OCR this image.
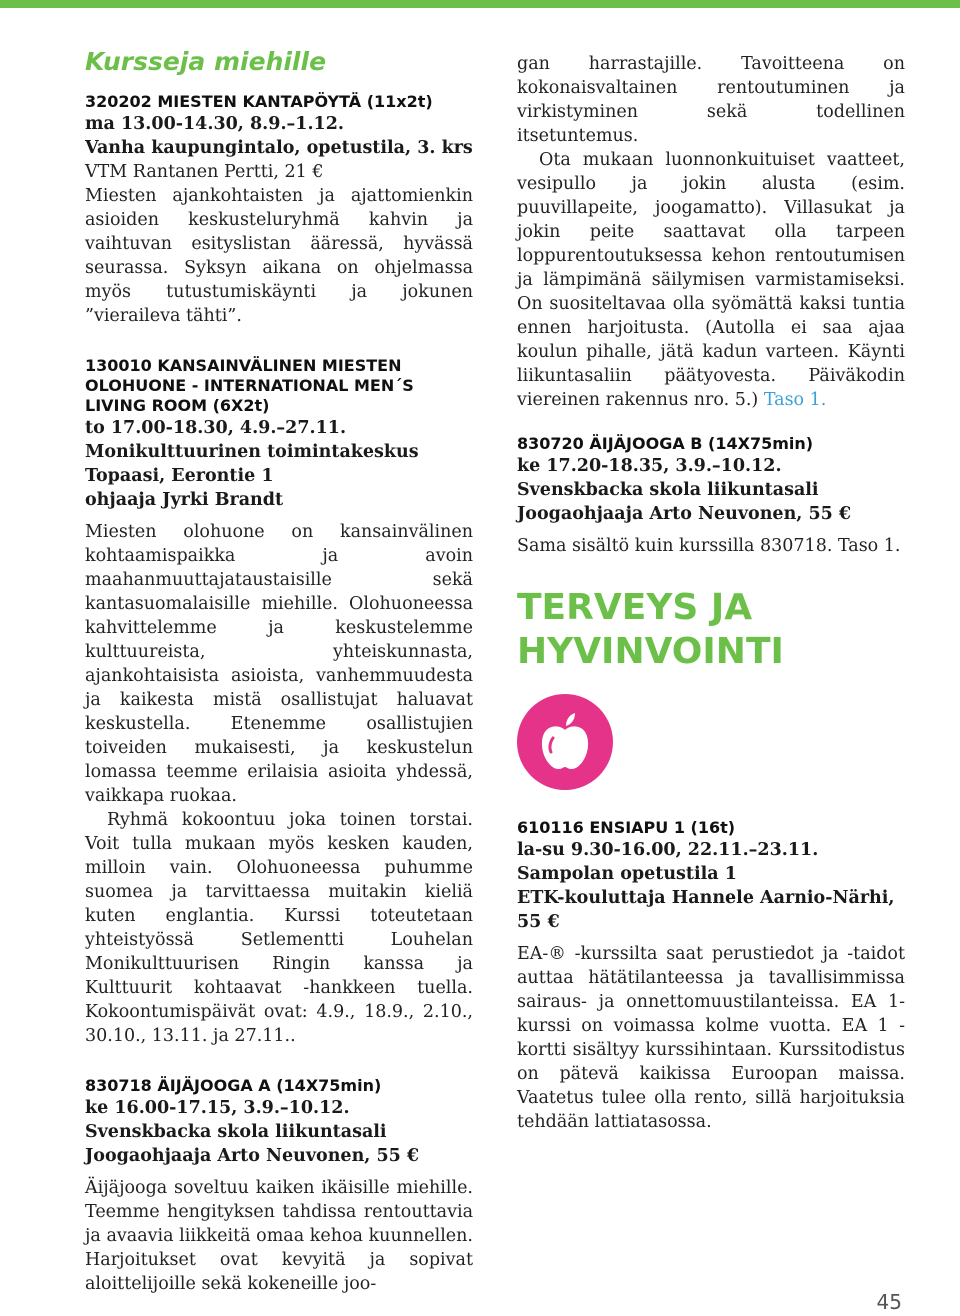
Kursseja miehille

320202 MIESTEN KANTAPÖYTÄ (11x2t)

ma 13.00-14.30, 8.9.–1.12.

Vanha kaupungintalo, opetustila, 3. krs

VTM Rantanen Pertti, 21 €

Miesten ajankohtaisten ja ajattomienkin asioiden keskusteluryhmä kahvin ja vaihtuvan esityslistan ääressä, hyvässä seurassa. Syksyn aikana on ohjelmassa myös tutustumiskäynti ja jokunen ”vieraileva tähti”.

130010 KANSAINVÄLINEN MIESTEN

OLOHUONE - INTERNATIONAL MEN´S

LIVING ROOM (6X2t)

to 17.00-18.30, 4.9.–27.11.

Monikulttuurinen toimintakeskus

Topaasi, Eerontie 1

ohjaaja Jyrki Brandt

Miesten olohuone on kansainvälinen kohtaamispaikka ja avoin maahanmuuttajataustaisille sekä kantasuomalaisille miehille. Olohuoneessa kahvittelemme ja keskustelemme kulttuureista, yhteiskunnasta, ajankohtaisista asioista, vanhemmuudesta ja kaikesta mistä osallistujat haluavat keskustella. Etenemme osallistujien toiveiden mukaisesti, ja keskustelun lomassa teemme erilaisia asioita yhdessä, vaikkapa ruokaa.

Ryhmä kokoontuu joka toinen torstai. Voit tulla mukaan myös kesken kauden, milloin vain. Olohuoneessa puhumme suomea ja tarvittaessa muitakin kieliä kuten englantia. Kurssi toteutetaan yhteistyössä Setlementti Louhelan Monikulttuurisen Ringin kanssa ja Kulttuurit kohtaavat -hankkeen tuella. Kokoontumispäivät ovat: 4.9., 18.9., 2.10., 30.10., 13.11. ja 27.11..

830718 ÄIJÄJOOGA A (14X75min)

ke 16.00-17.15, 3.9.–10.12.

Svenskbacka skola liikuntasali

Joogaohjaaja Arto Neuvonen, 55 €

Äijäjooga soveltuu kaiken ikäisille miehille. Teemme hengityksen tahdissa rentouttavia ja avaavia liikkeitä omaa kehoa kuunnellen. Harjoitukset ovat kevyitä ja sopivat aloittelijoille sekä kokeneille joo-

gan harrastajille. Tavoitteena on kokonaisvaltainen rentoutuminen ja virkistyminen sekä todellinen itsetuntemus.

Ota mukaan luonnonkuituiset vaatteet, vesipullo ja jokin alusta (esim. puuvillapeite, joogamatto). Villasukat ja jokin peite saattavat olla tarpeen loppurentoutuksessa kehon rentoutumisen ja lämpimänä säilymisen varmistamiseksi. On suositeltavaa olla syömättä kaksi tuntia ennen harjoitusta. (Autolla ei saa ajaa koulun pihalle, jätä kadun varteen. Käynti liikuntasaliin päätyovesta. Päiväkodin viereinen rakennus nro. 5.) Taso 1.

830720 ÄIJÄJOOGA B (14X75min)

ke 17.20-18.35, 3.9.–10.12.

Svenskbacka skola liikuntasali

Joogaohjaaja Arto Neuvonen, 55 €

Sama sisältö kuin kurssilla 830718. Taso 1.

TERVEYS JA
HYVINVOINTI

610116 ENSIAPU 1 (16t)

la-su 9.30-16.00, 22.11.–23.11.

Sampolan opetustila 1

ETK-kouluttaja Hannele Aarnio-Närhi,

55 €

EA-® -kurssilta saat perustiedot ja -taidot auttaa hätätilanteessa ja tavallisimmissa sairaus- ja onnettomuustilanteissa. EA 1-kurssi on voimassa kolme vuotta. EA 1 -kortti sisältyy kurssihintaan. Kurssitodistus on pätevä kaikissa Euroopan maissa. Vaatetus tulee olla rento, sillä harjoituksia tehdään lattiatasossa.

45
